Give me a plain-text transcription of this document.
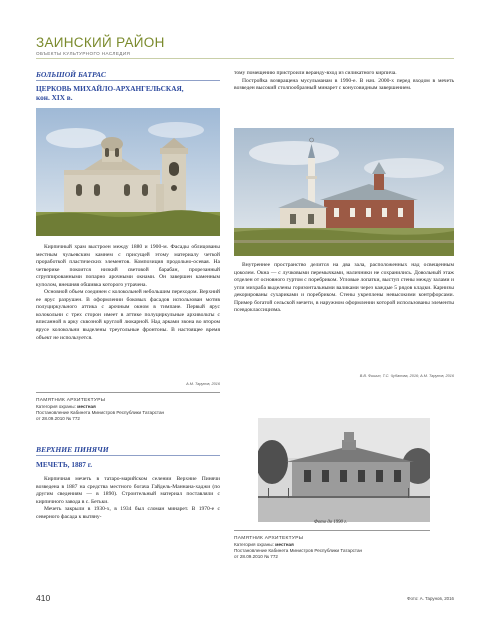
ЗАИНСКИЙ РАЙОН
ОБЪЕКТЫ КУЛЬТУРНОГО НАСЛЕДИЯ
БОЛЬШОЙ БАТРАС
ЦЕРКОВЬ МИХАЙЛО-АРХАНГЕЛЬСКАЯ,
кон. XIX в.

Кирпичный храм выстроен между 1880 и 1900-м. Фасады облицованы местным чульевским камнем с присущей этому материалу четкой проработкой пластических элементов. Композиция продольно-осевая. На четверике покоится низкий световой барабан, прорезанный сгруппированными попарно арочными окнами. Он завершен каменным куполом, внешняя обшивка которого утрачена.

Основной объем соединен с колокольней небольшим переходом. Верхний ее ярус разрушен. В оформлении боковых фасадов использован мотив полуциркульного аттика с арочным окном в тимпане. Первый ярус колокольни с трех сторон имеет в аттике полуциркульные архивольты с вписанной в арку сквозной круглой люкарной. Над арками звона во втором ярусе колокольни выделены треугольные фронтоны. В настоящее время объект не используется.

А.М. Тарунов, 2016
ПАМЯТНИК АРХИТЕКТУРЫ
Категория охраны: местная
Постановление Кабинета Министров Республики Татарстан
от 28.09.2010 № 772
ВЕРХНИЕ ПИНЯЧИ
МЕЧЕТЬ, 1887 г.

Кирпичная мечеть в татаро-марийском селении Верхние Пинячи возведена в 1887 на средства местного богача Гайдель-Маннана-хаджи (по другим сведениям — в 1890). Строительный материал поставляли с кирпичного завода в с. Бетьки.

Мечеть закрыли в 1930-х, в 1934 был сломан минарет. В 1970-е с северного фасада к вытяну-

тому помещению пристроили веранду-вход из силикатного кирпича.

Постройка возвращена мусульманам в 1990-е. В нач. 2000-х перед входом в мечеть возведен высокий столпообразный минарет с конусовидным завершением.

Внутреннее пространство делится на два зала, расположенных над освещенным цоколем. Окна — с лучковыми перемычками, наличники не сохранились. Довольный этаж отделен от основного гуртом с поребриком. Угловые лопатки, выступ стены между залами и угли михраба выделены горизонтальными валиками через каждые 5 рядов кладки. Карнизы декорированы сухариками и поребриком. Стены укреплены невысокими контрфорсами. Пример богатой сельской мечети, в наружном оформлении которой использованы элементы псевдоклассицизма.

В.В. Фишин, Т.С. Чубанова, 2016; А.М. Тарунов, 2016
Фото до 1990 г.
ПАМЯТНИК АРХИТЕКТУРЫ
Категория охраны: местная
Постановление Кабинета Министров Республики Татарстан
от 28.09.2010 № 772
410	Фото: А. Тарунов, 2016
